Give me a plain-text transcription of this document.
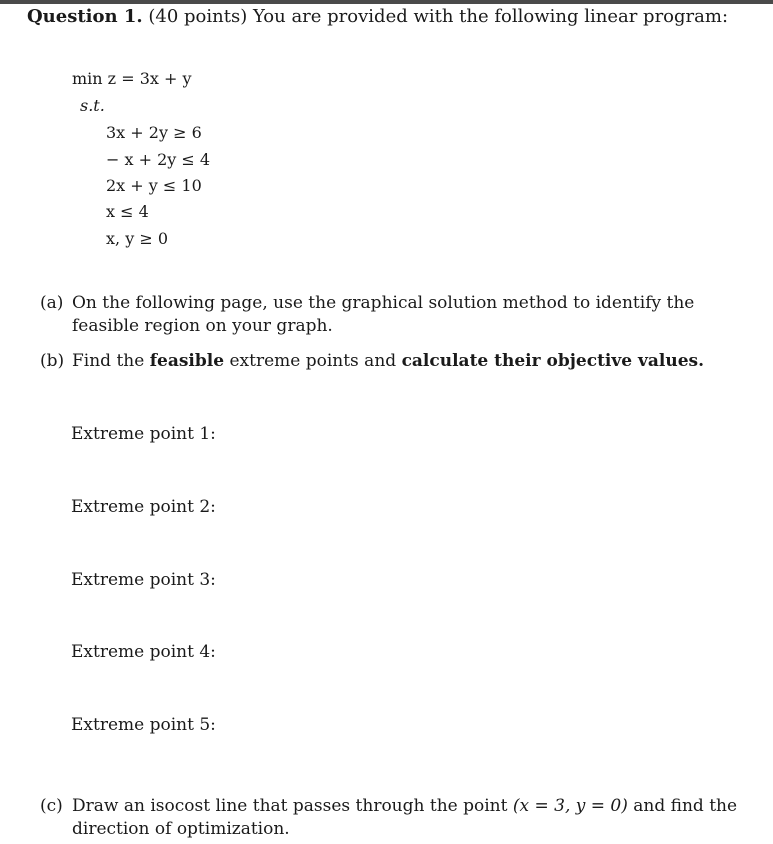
Question 1. (40 points) You are provided with the following linear program:
min z = 3x + y
s.t.
3x + 2y ≥ 6
− x + 2y ≤ 4
2x + y ≤ 10
x ≤ 4
x, y ≥ 0
(a) On the following page, use the graphical solution method to identify the feasible region on your graph.
(b) Find the feasible extreme points and calculate their objective values.
Extreme point 1:
Extreme point 2:
Extreme point 3:
Extreme point 4:
Extreme point 5:
(c) Draw an isocost line that passes through the point (x = 3, y = 0) and find the direction of optimization.
